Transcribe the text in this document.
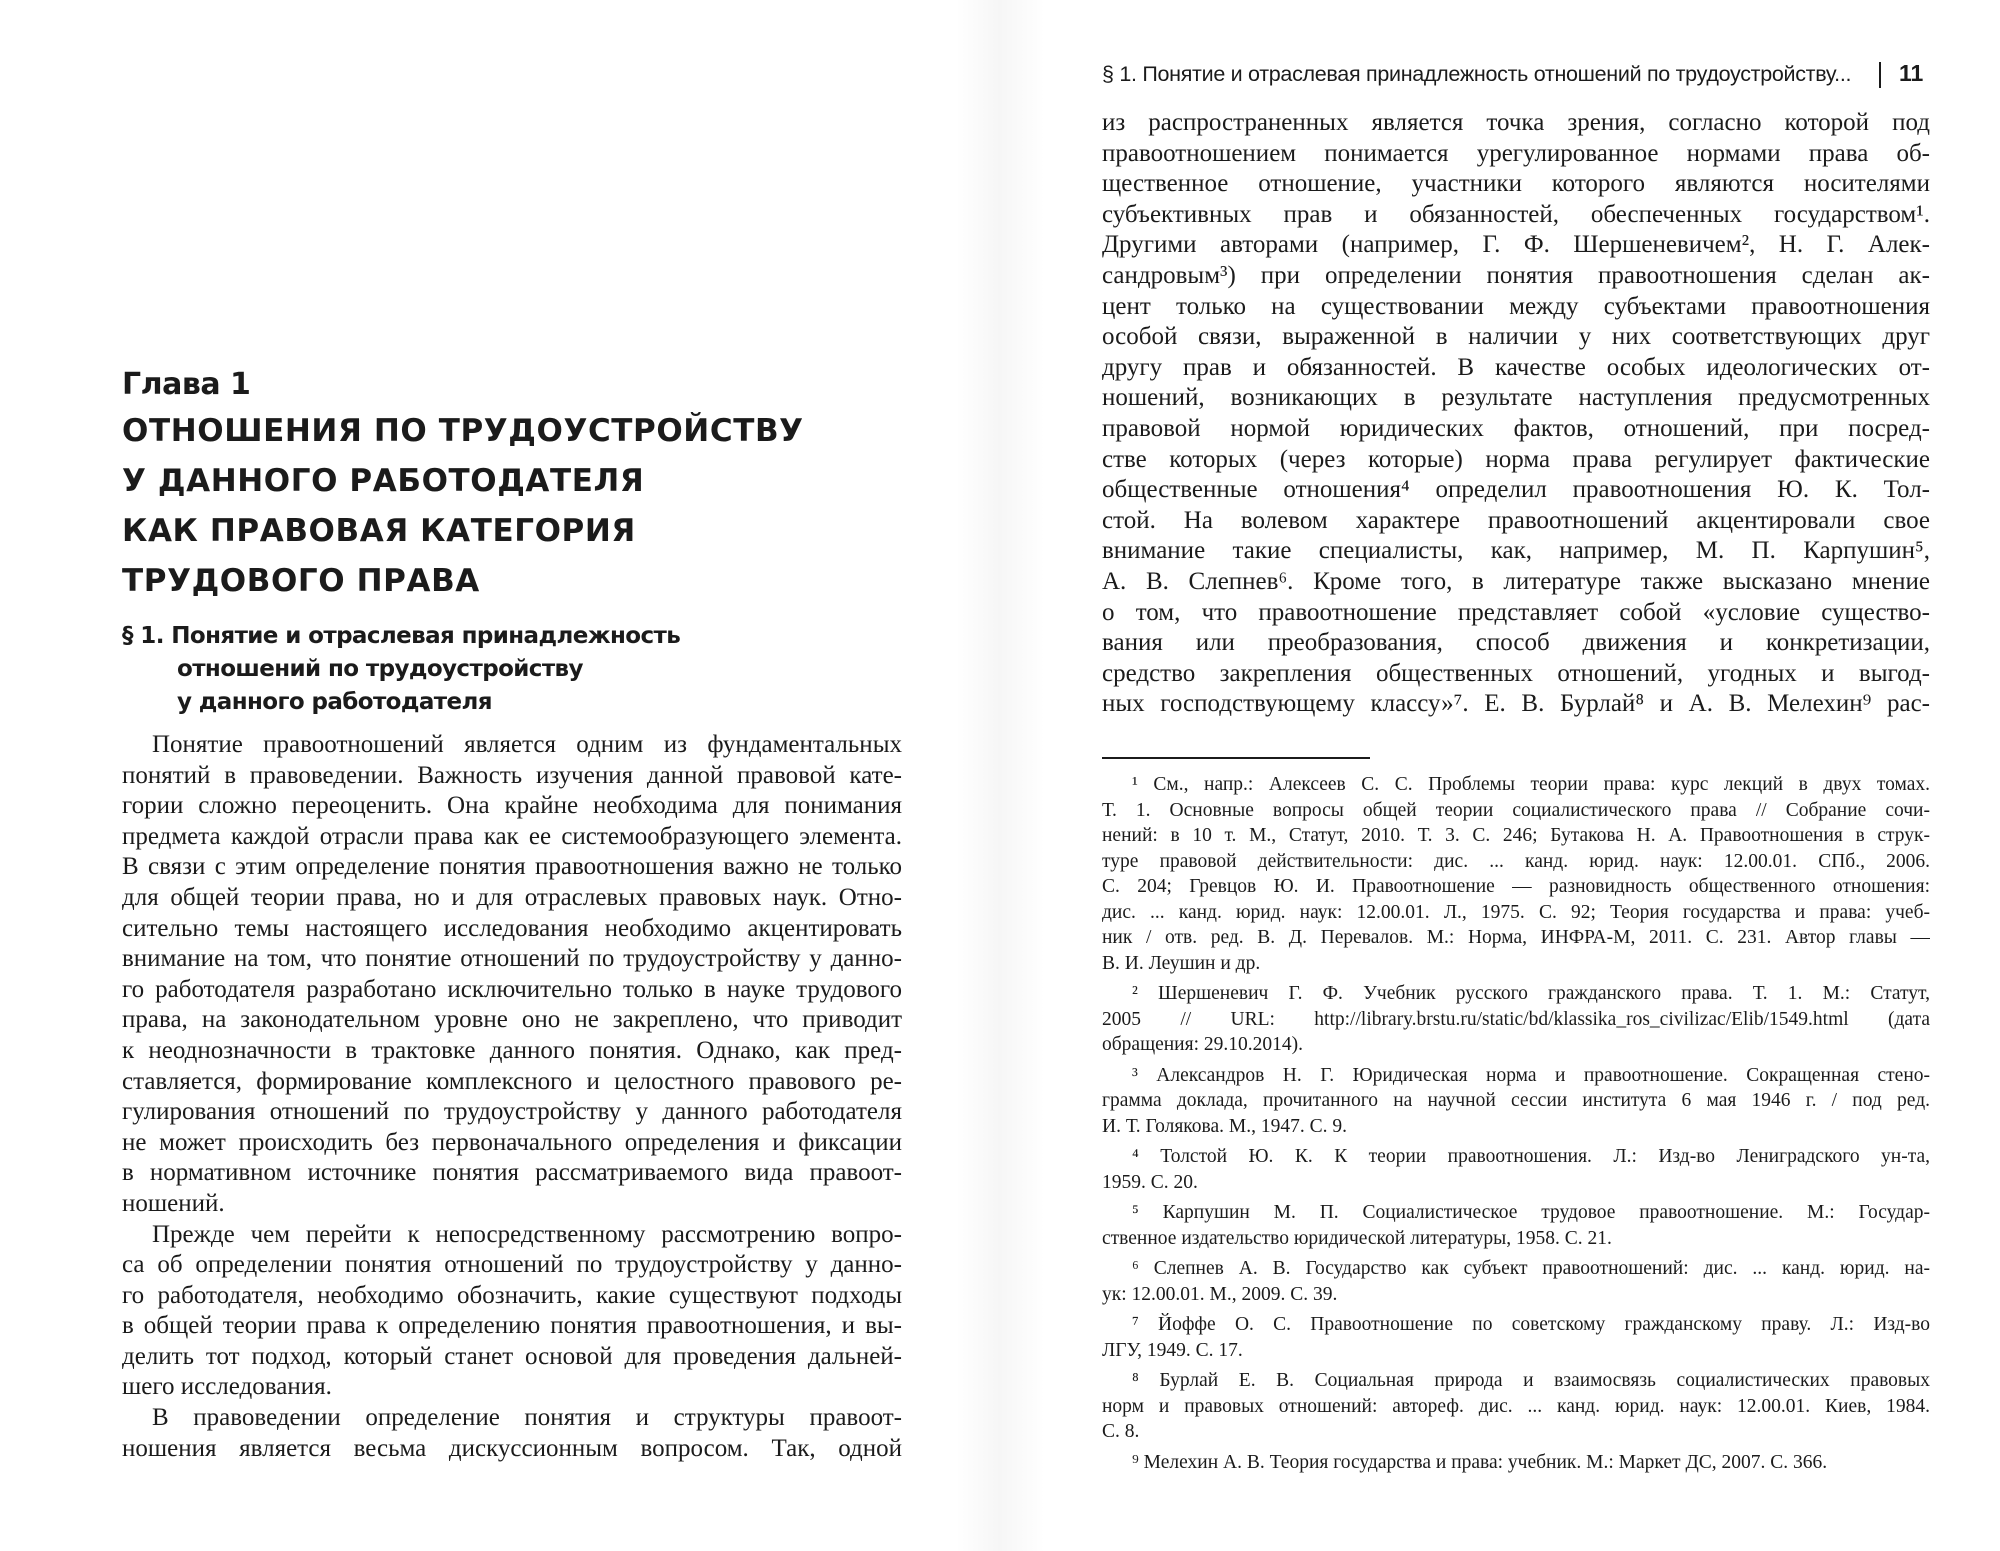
Глава 1
ОТНОШЕНИЯ ПО ТРУДОУСТРОЙСТВУ
У ДАННОГО РАБОТОДАТЕЛЯ
КАК ПРАВОВАЯ КАТЕГОРИЯ
ТРУДОВОГО ПРАВА
§ 1. Понятие и отраслевая принадлежность
отношений по трудоустройству
у данного работодателя

Понятие правоотношений является одним из фундаментальных
понятий в правоведении. Важность изучения данной правовой кате-
гории сложно переоценить. Она крайне необходима для понимания
предмета каждой отрасли права как ее системообразующего элемента.
В связи с этим определение понятия правоотношения важно не только
для общей теории права, но и для отраслевых правовых наук. Отно-
сительно темы настоящего исследования необходимо акцентировать
внимание на том, что понятие отношений по трудоустройству у данно-
го работодателя разработано исключительно только в науке трудового
права, на законодательном уровне оно не закреплено, что приводит
к неоднозначности в трактовке данного понятия. Однако, как пред-
ставляется, формирование комплексного и целостного правового ре-
гулирования отношений по трудоустройству у данного работодателя
не может происходить без первоначального определения и фиксации
в нормативном источнике понятия рассматриваемого вида правоот-
ношений.

Прежде чем перейти к непосредственному рассмотрению вопро-
са об определении понятия отношений по трудоустройству у данно-
го работодателя, необходимо обозначить, какие существуют подходы
в общей теории права к определению понятия правоотношения, и вы-
делить тот подход, который станет основой для проведения дальней-
шего исследования.

В правоведении определение понятия и структуры правоот-
ношения является весьма дискуссионным вопросом. Так, одной

§ 1. Понятие и отраслевая принадлежность отношений по трудоустройству... 11

из распространенных является точка зрения, согласно которой под
правоотношением понимается урегулированное нормами права об-
щественное отношение, участники которого являются носителями
субъективных прав и обязанностей, обеспеченных государством¹.
Другими авторами (например, Г. Ф. Шершеневичем², Н. Г. Алек-
сандровым³) при определении понятия правоотношения сделан ак-
цент только на существовании между субъектами правоотношения
особой связи, выраженной в наличии у них соответствующих друг
другу прав и обязанностей. В качестве особых идеологических от-
ношений, возникающих в результате наступления предусмотренных
правовой нормой юридических фактов, отношений, при посред-
стве которых (через которые) норма права регулирует фактические
общественные отношения⁴ определил правоотношения Ю. К. Тол-
стой. На волевом характере правоотношений акцентировали свое
внимание такие специалисты, как, например, М. П. Карпушин⁵,
А. В. Слепнев⁶. Кроме того, в литературе также высказано мнение
о том, что правоотношение представляет собой «условие существо-
вания или преобразования, способ движения и конкретизации,
средство закрепления общественных отношений, угодных и выгод-
ных господствующему классу»⁷. Е. В. Бурлай⁸ и А. В. Мелехин⁹ рас-

¹ См., напр.: Алексеев С. С. Проблемы теории права: курс лекций в двух томах.
Т. 1. Основные вопросы общей теории социалистического права // Собрание сочи-
нений: в 10 т. М., Статут, 2010. Т. 3. С. 246; Бутакова Н. А. Правоотношения в струк-
туре правовой действительности: дис. ... канд. юрид. наук: 12.00.01. СПб., 2006.
С. 204; Гревцов Ю. И. Правоотношение — разновидность общественного отношения:
дис. ... канд. юрид. наук: 12.00.01. Л., 1975. С. 92; Теория государства и права: учеб-
ник / отв. ред. В. Д. Перевалов. М.: Норма, ИНФРА-М, 2011. С. 231. Автор главы —
В. И. Леушин и др.

² Шершеневич Г. Ф. Учебник русского гражданского права. Т. 1. М.: Статут,
2005 // URL: http://library.brstu.ru/static/bd/klassika_ros_civilizac/Elib/1549.html (дата
обращения: 29.10.2014).

³ Александров Н. Г. Юридическая норма и правоотношение. Сокращенная стено-
грамма доклада, прочитанного на научной сессии института 6 мая 1946 г. / под ред.
И. Т. Голякова. М., 1947. С. 9.

⁴ Толстой Ю. К. К теории правоотношения. Л.: Изд-во Лениградского ун-та,
1959. С. 20.

⁵ Карпушин М. П. Социалистическое трудовое правоотношение. М.: Государ-
ственное издательство юридической литературы, 1958. С. 21.

⁶ Слепнев А. В. Государство как субъект правоотношений: дис. ... канд. юрид. на-
ук: 12.00.01. М., 2009. С. 39.

⁷ Йоффе О. С. Правоотношение по советскому гражданскому праву. Л.: Изд-во
ЛГУ, 1949. С. 17.

⁸ Бурлай Е. В. Социальная природа и взаимосвязь социалистических правовых
норм и правовых отношений: автореф. дис. ... канд. юрид. наук: 12.00.01. Киев, 1984.
С. 8.

⁹ Мелехин А. В. Теория государства и права: учебник. М.: Маркет ДС, 2007. С. 366.
